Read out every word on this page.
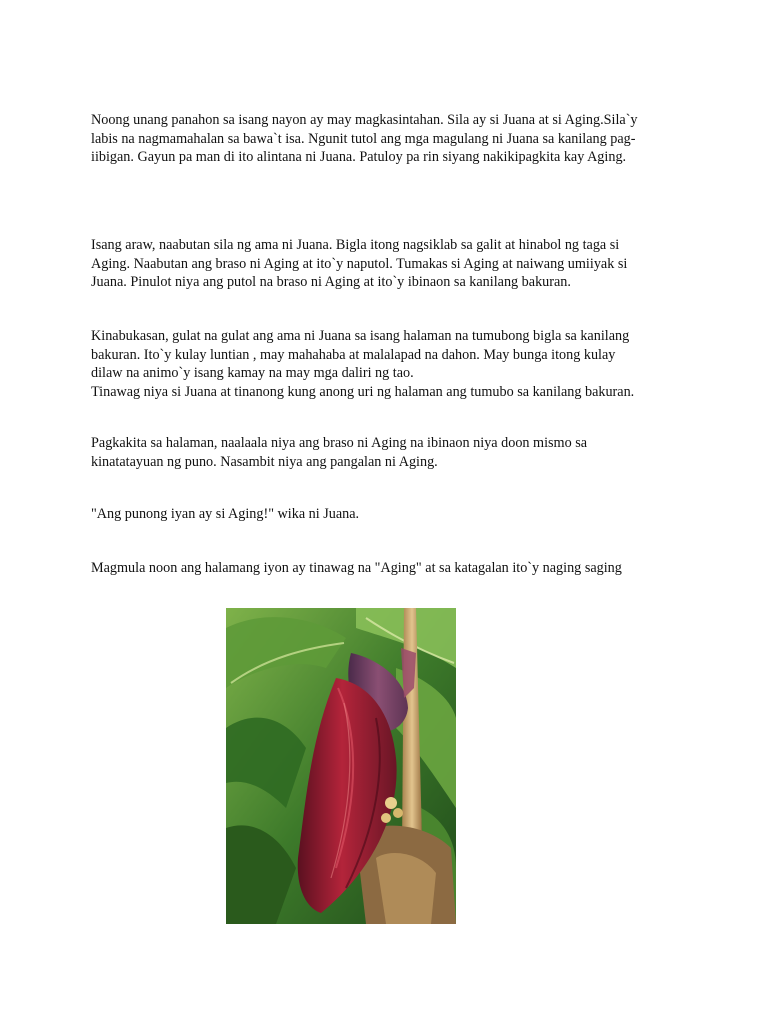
Noong unang panahon sa isang nayon ay may magkasintahan. Sila ay si Juana at si Aging.Sila`y
labis na nagmamahalan sa bawa`t isa. Ngunit tutol ang mga magulang ni Juana sa kanilang pag-
iibigan. Gayun pa man di ito alintana ni Juana. Patuloy pa rin siyang nakikipagkita kay Aging.

Isang araw, naabutan sila ng ama ni Juana. Bigla itong nagsiklab sa galit at hinabol ng taga si
Aging. Naabutan ang braso ni Aging at ito`y naputol. Tumakas si Aging at naiwang umiiyak si
Juana. Pinulot niya ang putol na braso ni Aging at ito`y ibinaon sa kanilang bakuran.

Kinabukasan, gulat na gulat ang ama ni Juana sa isang halaman na tumubong bigla sa kanilang
bakuran. Ito`y kulay luntian , may mahahaba at malalapad na dahon. May bunga itong kulay
dilaw na animo`y isang kamay na may mga daliri ng tao.
Tinawag niya si Juana at tinanong kung anong uri ng halaman ang tumubo sa kanilang bakuran.

Pagkakita sa halaman, naalaala niya ang braso ni Aging na ibinaon niya doon mismo sa
kinatatayuan ng puno. Nasambit niya ang pangalan ni Aging.

"Ang punong iyan ay si Aging!" wika ni Juana.

Magmula noon ang halamang iyon ay tinawag na "Aging" at sa katagalan ito`y naging saging
